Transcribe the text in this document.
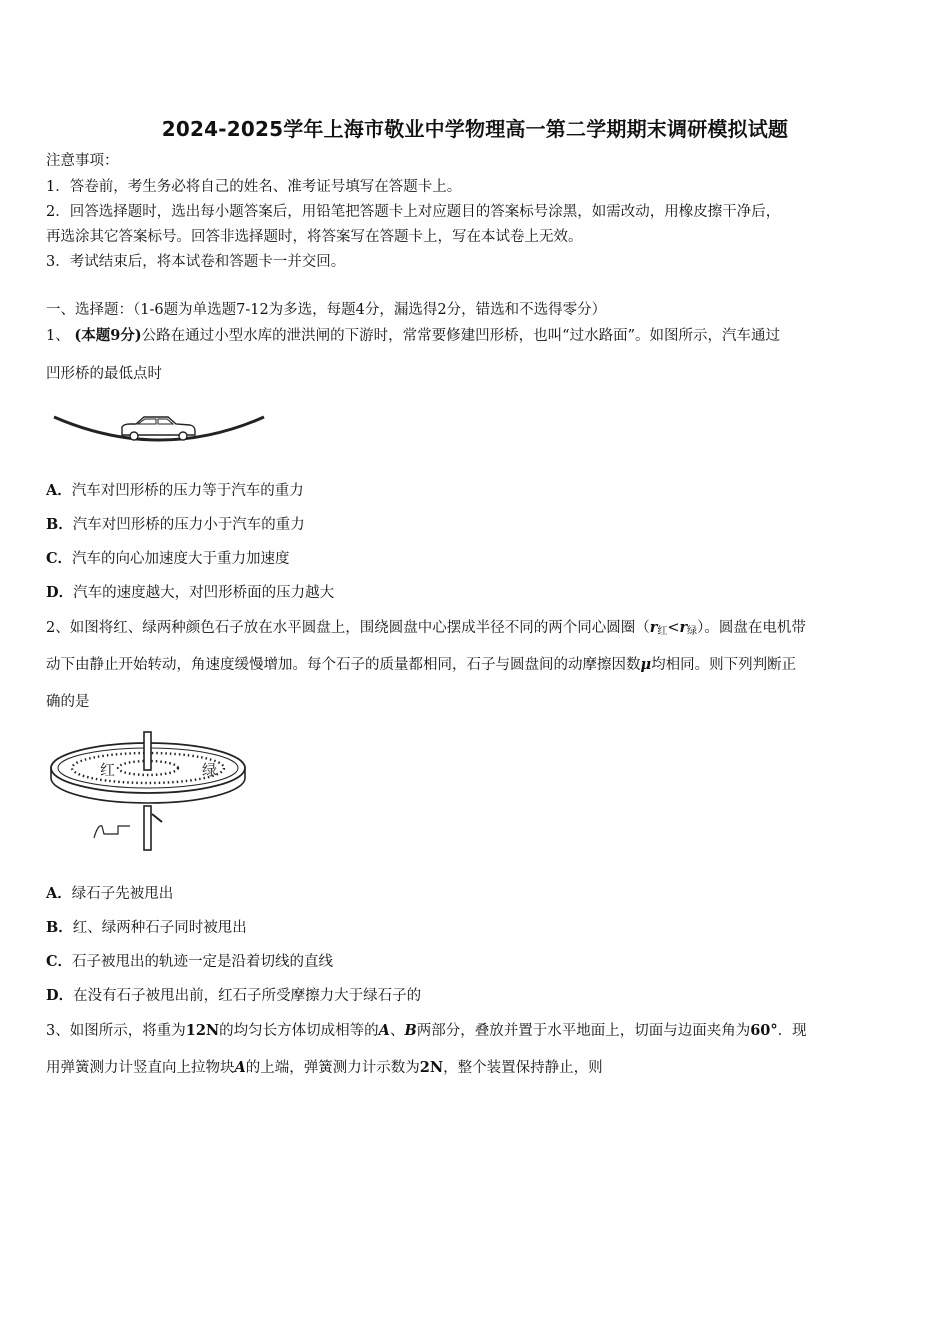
2024-2025学年上海市敬业中学物理高一第二学期期末调研模拟试题
注意事项：
1．答卷前，考生务必将自己的姓名、准考证号填写在答题卡上。
2．回答选择题时，选出每小题答案后，用铅笔把答题卡上对应题目的答案标号涂黑，如需改动，用橡皮擦干净后，
再选涂其它答案标号。回答非选择题时，将答案写在答题卡上，写在本试卷上无效。
3．考试结束后，将本试卷和答题卡一并交回。
一、选择题：（1-6题为单选题7-12为多选，每题4分，漏选得2分，错选和不选得零分）
1、 (本题9分)公路在通过小型水库的泄洪闸的下游时，常常要修建凹形桥，也叫“过水路面”。如图所示，汽车通过
凹形桥的最低点时
A．汽车对凹形桥的压力等于汽车的重力
B．汽车对凹形桥的压力小于汽车的重力
C．汽车的向心加速度大于重力加速度
D．汽车的速度越大，对凹形桥面的压力越大
2、如图将红、绿两种颜色石子放在水平圆盘上，围绕圆盘中心摆成半径不同的两个同心圆圈$(r_红<r_绿)$。圆盘在电机带
动下由静止开始转动，角速度缓慢增加。每个石子的质量都相同，石子与圆盘间的动摩擦因数μ均相同。则下列判断正
确的是
红	绿
A．绿石子先被甩出
B．红、绿两种石子同时被甩出
C．石子被甩出的轨迹一定是沿着切线的直线
D．在没有石子被甩出前，红石子所受摩擦力大于绿石子的
3、如图所示，将重为12N的均匀长方体切成相等的A、B两部分，叠放并置于水平地面上，切面与边面夹角为60°．现
用弹簧测力计竖直向上拉物块A的上端，弹簧测力计示数为2N，整个装置保持静止，则
